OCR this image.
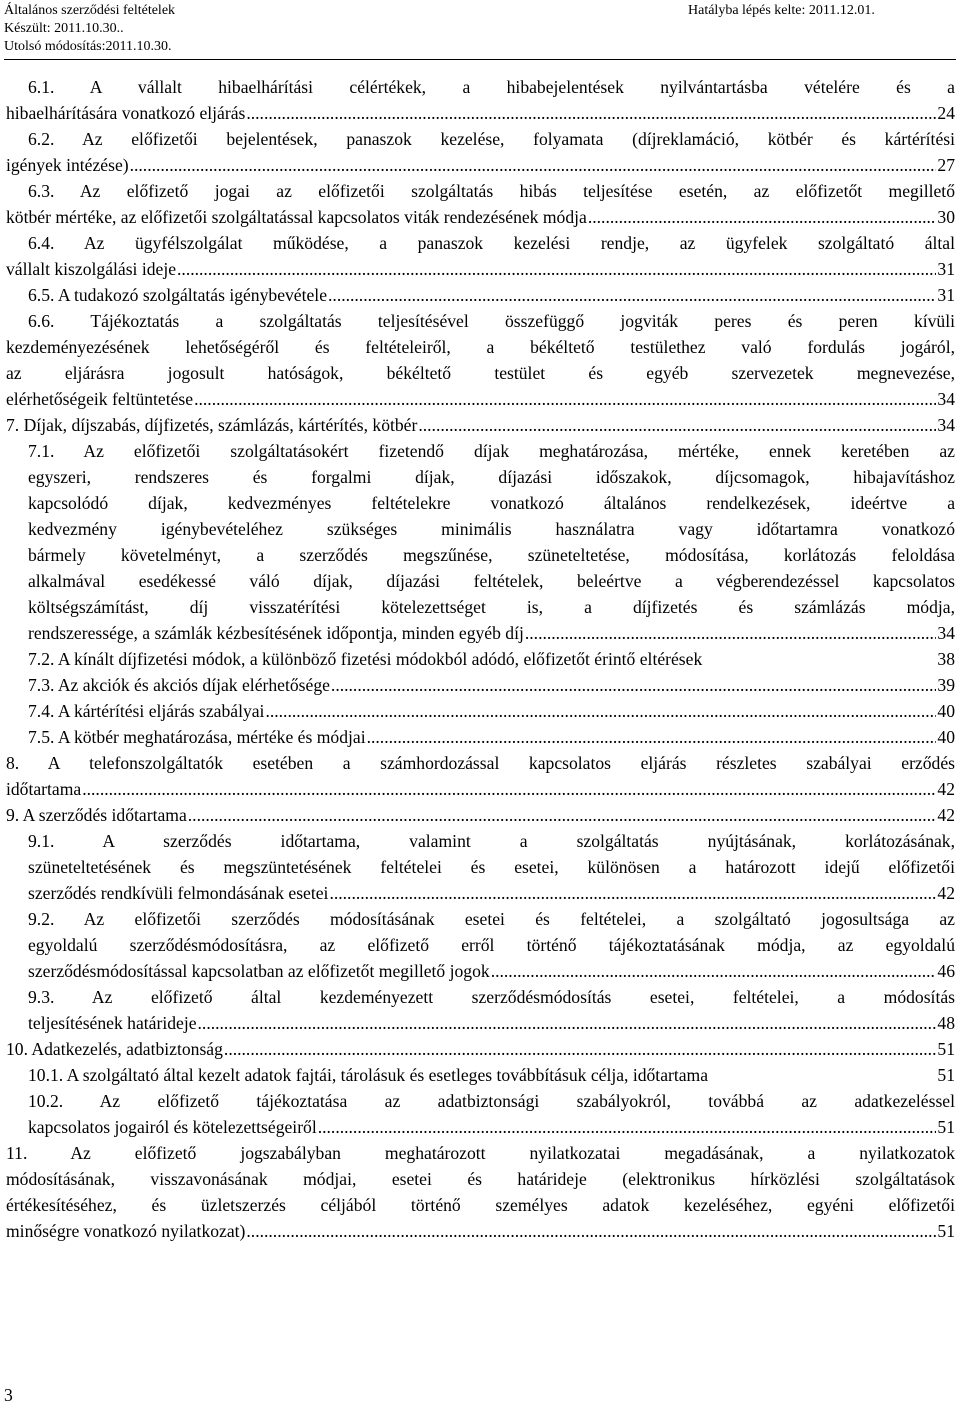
Általános szerződési feltételek
Készült: 2011.10.30..
Utolsó módosítás:2011.10.30.
Hatályba lépés kelte: 2011.12.01.
6.1. A vállalt hibaelhárítási célértékek, a hibabejelentések nyilvántartásba vételére és a
hibaelhárítására vonatkozó eljárás .....	24
6.2. Az előfizetői bejelentések, panaszok kezelése, folyamata (díjreklamáció, kötbér és kártérítési
igények intézése) .....	27
6.3. Az előfizető jogai az előfizetői szolgáltatás hibás teljesítése esetén, az előfizetőt megillető
kötbér mértéke, az előfizetői szolgáltatással kapcsolatos viták rendezésének módja .....	30
6.4. Az ügyfélszolgálat működése, a panaszok kezelési rendje, az ügyfelek szolgáltató által
vállalt kiszolgálási ideje .....	31
6.5. A tudakozó szolgáltatás igénybevétele .....	31
6.6. Tájékoztatás a szolgáltatás teljesítésével összefüggő jogviták peres és peren kívüli
kezdeményezésének lehetőségéről és feltételeiről, a békéltető testülethez való fordulás jogáról,
az eljárásra jogosult hatóságok, békéltető testület és egyéb szervezetek megnevezése,
elérhetőségeik feltüntetése .....	34
7. Díjak, díjszabás, díjfizetés, számlázás, kártérítés, kötbér .....	34
7.1. Az előfizetői szolgáltatásokért fizetendő díjak meghatározása, mértéke, ennek keretében az
egyszeri, rendszeres és forgalmi díjak, díjazási időszakok, díjcsomagok, hibajavításhoz
kapcsolódó díjak, kedvezményes feltételekre vonatkozó általános rendelkezések, ideértve a
kedvezmény igénybevételéhez szükséges minimális használatra vagy időtartamra vonatkozó
bármely követelményt, a szerződés megszűnése, szüneteltetése, módosítása, korlátozás feloldása
alkalmával esedékessé váló díjak, díjazási feltételek, beleértve a végberendezéssel kapcsolatos
költségszámítást, díj visszatérítési kötelezettséget is, a díjfizetés és számlázás módja,
rendszeressége, a számlák kézbesítésének időpontja, minden egyéb díj .....	34
7.2. A kínált díjfizetési módok, a különböző fizetési módokból adódó, előfizetőt érintő eltérések	38
7.3. Az akciók és akciós díjak elérhetősége .....	39
7.4. A kártérítési eljárás szabályai .....	40
7.5. A kötbér meghatározása, mértéke és módjai .....	40
8. A telefonszolgáltatók esetében a számhordozással kapcsolatos eljárás részletes szabályai erződés
időtartama .....	42
9. A szerződés időtartama .....	42
9.1. A szerződés időtartama, valamint a szolgáltatás nyújtásának, korlátozásának,
szüneteltetésének és megszüntetésének feltételei és esetei, különösen a határozott idejű előfizetői
szerződés rendkívüli felmondásának esetei .....	42
9.2. Az előfizetői szerződés módosításának esetei és feltételei, a szolgáltató jogosultsága az
egyoldalú szerződésmódosításra, az előfizető erről történő tájékoztatásának módja, az egyoldalú
szerződésmódosítással kapcsolatban az előfizetőt megillető jogok .....	46
9.3. Az előfizető által kezdeményezett szerződésmódosítás esetei, feltételei, a módosítás
teljesítésének határideje .....	48
10. Adatkezelés, adatbiztonság .....	51
10.1. A szolgáltató által kezelt adatok fajtái, tárolásuk és esetleges továbbításuk célja, időtartama	51
10.2. Az előfizető tájékoztatása az adatbiztonsági szabályokról, továbbá az adatkezeléssel
kapcsolatos jogairól és kötelezettségeiről .....	51
11. Az előfizető jogszabályban meghatározott nyilatkozatai megadásának, a nyilatkozatok
módosításának, visszavonásának módjai, esetei és határideje (elektronikus hírközlési szolgáltatások
értékesítéséhez, és üzletszerzés céljából történő személyes adatok kezeléséhez, egyéni előfizetői
minőségre vonatkozó nyilatkozat) .....	51
3
